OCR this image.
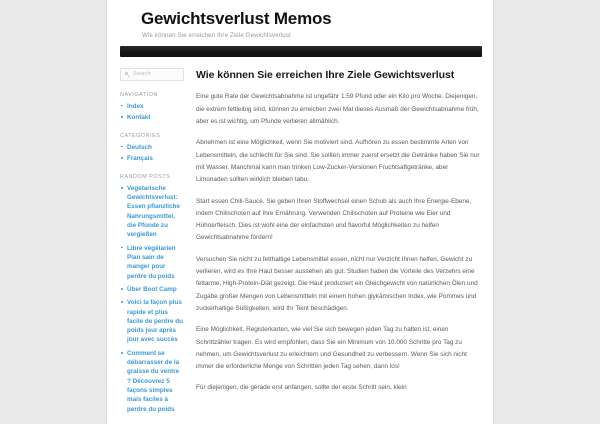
Gewichtsverlust Memos
Wie können Sie erreichen Ihre Ziele Gewichtsverlust
Search
NAVIGATION
Index
Kontakt
CATEGORIES
Deutsch
Français
RANDOM POSTS
Vegetarische Gewichtsverlust: Essen pflanzliche Nahrungsmittel, die Pfunde zu vergießen
Libre végétarien Plan sain de manger pour perdre du poids
Über Boot Camp
Voici la façon plus rapide et plus facile de perdre du poids jour après jour avec succès
Comment se débarrasser de la graisse du ventre ? Découvrez 5 façons simples mais faciles à perdre du poids
Wie können Sie erreichen Ihre Ziele Gewichtsverlust

Eine gute Rate der Gewichtsabnahme ist ungefähr 1:59 Pfund oder ein Kilo pro Woche. Diejenigen, die extrem fettleibig sind, können zu erreichen zwei Mal dieses Ausmaß der Gewichtsabnahme früh, aber es ist wichtig, um Pfunde verlieren allmählich.

Abnehmen ist eine Möglichkeit, wenn Sie motiviert sind. Aufhören zu essen bestimmte Arten von Lebensmitteln, die schlecht für Sie sind. Sie sollten immer zuerst ersetzt die Getränke haben Sie nur mit Wasser. Manchmal kann man trinken Low-Zucker-Versionen Fruchtsaftgetränke, aber Limonaden sollten wirklich bleiben tabu.

Start essen Chili-Sauce. Sie geben Ihren Stoffwechsel einen Schub als auch Ihre Energie-Ebene, indem Chilischoten auf Ihre Ernährung. Verwenden Chilischoten auf Proteine wie Eier und Hühnerfleisch. Dies ist wohl eine der einfachsten und flavorful Möglichkeiten zu helfen Gewichtsabnahme fördern!

Versuchen Sie nicht zu fetthaltige Lebensmittel essen, nicht nur Verzicht Ihnen helfen, Gewicht zu verlieren, wird es Ihre Haut besser aussehen als gut. Studien haben die Vorteile des Verzehrs eine fettarme, High-Protein-Diät gezeigt. Die Haut produziert ein Gleichgewicht von natürlichen Ölen und Zugabe großer Mengen von Lebensmitteln mit einem hohen glykämischen Index, wie Pommes und zuckerhaltige Süßigkeiten, wird Ihr Teint beschädigen.

Eine Möglichkeit, Registerkarten, wie viel Sie sich bewegen jeden Tag zu halten ist, einen Schrittzähler tragen. Es wird empfohlen, dass Sie ein Minimum von 10.000 Schritte pro Tag zu nehmen, um Gewichtsverlust zu erleichtern und Gesundheit zu verbessern. Wenn Sie sich nicht immer die erforderliche Menge von Schritten jeden Tag sehen, dann los!

Für diejenigen, die gerade erst anfangen, sollte der erste Schritt sein, klein
